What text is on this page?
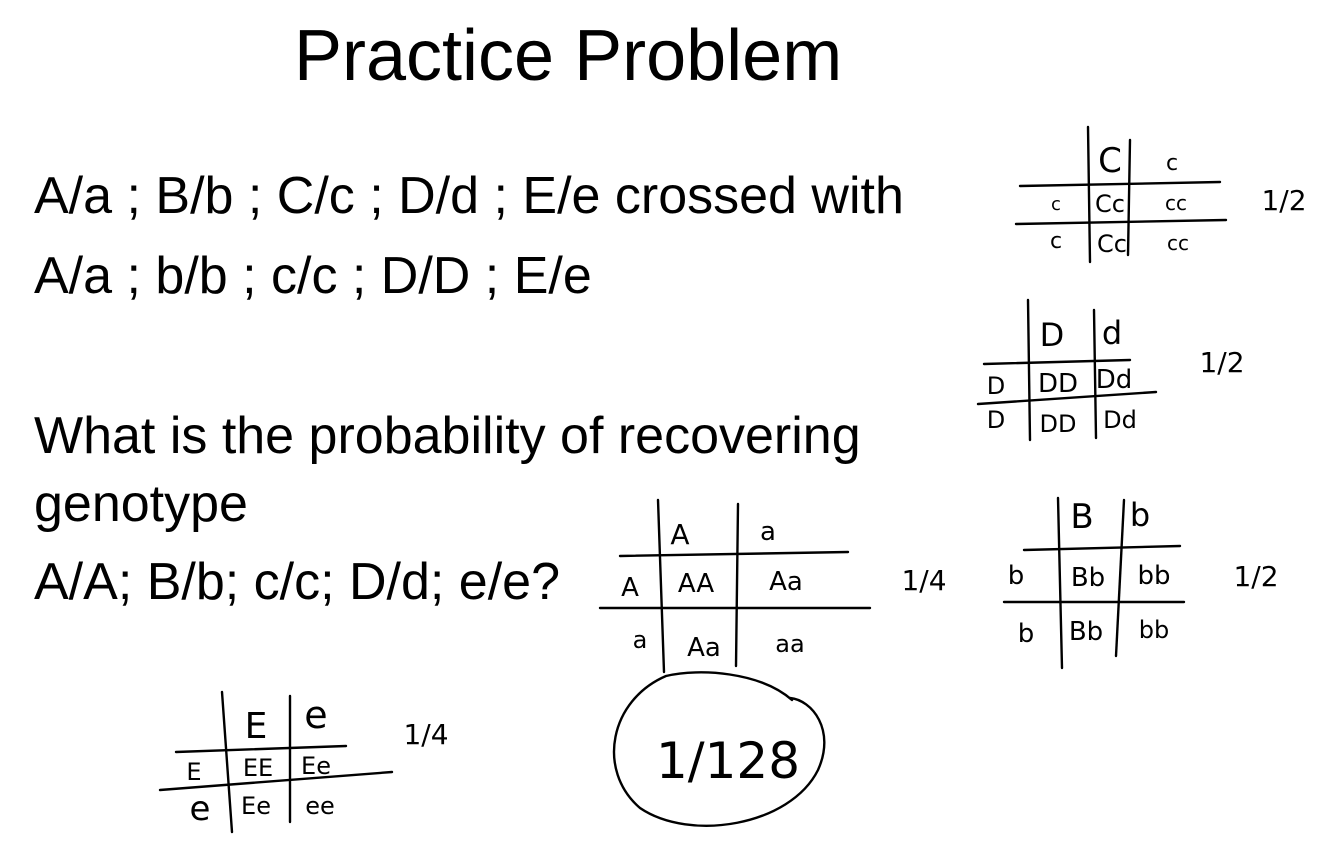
Practice Problem
A/a ; B/b ; C/c ; D/d ; E/e crossed with
A/a ; b/b ; c/c ; D/D ; E/e
What is the probability of recovering
genotype
A/A; B/b; c/c; D/d; e/e?
C c
c
c
Cc cc
Cc cc
1/2
D d
D
D
DD Dd
DD Dd
1/2
A	a
A
a
AA Aa
Aa aa
1/4
B b
b
b
Bb bb
Bb bb
1/2
E e
E
e
EE Ee
Ee ee
1/4	1/128
